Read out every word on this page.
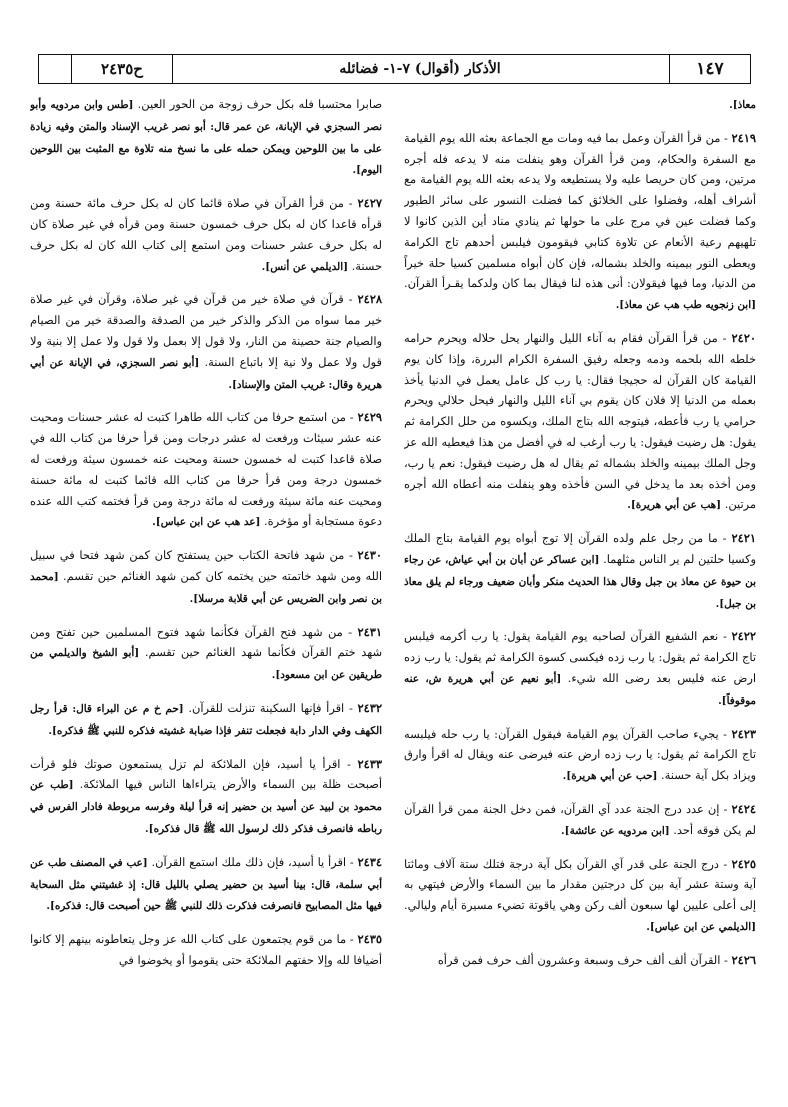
١٤٧
الأذكار (أقوال) ٧-١- فضائله
ح٢٤٣٥

معاذ].

٢٤١٩ - من قرأ القرآن وعمل بما فيه ومات مع الجماعة بعثه الله يوم القيامة مع السفرة والحكام، ومن قرأ القرآن وهو ينفلت منه لا يدعه فله أجره مرتين، ومن كان حريصا عليه ولا يستطيعه ولا يدعه بعثه الله يوم القيامة مع أشراف أهله، وفضلوا على الخلائق كما فضلت النسور على سائر الطيور وكما فضلت عين في مرج على ما حولها ثم ينادي مناد أين الذين كانوا لا تلهيهم رعية الأنعام عن تلاوة كتابي فيقومون فيلبس أحدهم تاج الكرامة ويعطى النور بيمينه والخلد بشماله، فإن كان أبواه مسلمين كسيا حلة خيراً من الدنيا، وما فيها فيقولان: أنى هذه لنا فيقال بما كان ولدكما يقـرأ القرآن. [ابن زنجويه طب هب عن معاذ].

٢٤٢٠ - من قرأ القرآن فقام به آناء الليل والنهار يحل حلاله ويحرم حرامه خلطه الله بلحمه ودمه وجعله رفيق السفرة الكرام البررة، وإذا كان يوم القيامة كان القرآن له حجيجا فقال: يا رب كل عامل يعمل في الدنيا يأخذ بعمله من الدنيا إلا فلان كان يقوم بي آناء الليل والنهار فيحل حلالي ويحرم حرامي يا رب فأعطه، فيتوجه الله بتاج الملك، ويكسوه من حلل الكرامة ثم يقول: هل رضيت فيقول: يا رب أرغب له في أفضل من هذا فيعطيه الله عز وجل الملك بيمينه والخلد بشماله ثم يقال له هل رضيت فيقول: نعم يا رب، ومن أخذه بعد ما يدخل في السن فأخذه وهو ينفلت منه أعطاه الله أجره مرتين. [هب عن أبي هريرة].

٢٤٢١ - ما من رجل علم ولده القرآن إلا توج أبواه يوم القيامة بتاج الملك وكسيا حلتين لم ير الناس مثلهما. [ابن عساكر عن أبان بن أبي عياش، عن رجاء بن حيوة عن معاذ بن جبل وقال هذا الحديث منكر وأبان ضعيف ورجاء لم يلق معاذ بن جبل].

٢٤٢٢ - نعم الشفيع القرآن لصاحبه يوم القيامة يقول: يا رب أكرمه فيلبس تاج الكرامة ثم يقول: يا رب زده فيكسى كسوة الكرامة ثم يقول: يا رب زده ارض عنه فليس بعد رضى الله شيء. [أبو نعيم عن أبي هريرة ش، عنه موقوفاً].

٢٤٢٣ - يجيء صاحب القرآن يوم القيامة فيقول القرآن: يا رب حله فيلبسه تاج الكرامة ثم يقول: يا رب زده ارض عنه فيرضى عنه ويقال له اقرأ وارق ويزاد بكل آية حسنة. [حب عن أبي هريرة].

٢٤٢٤ - إن عدد درج الجنة عدد آي القرآن، فمن دخل الجنة ممن قرأ القرآن لم يكن فوقه أحد. [ابن مردويه عن عائشة].

٢٤٢٥ - درج الجنة على قدر آي القرآن بكل آية درجة فتلك ستة آلاف ومائتا آية وستة عشر آية بين كل درجتين مقدار ما بين السماء والأرض فيتهي به إلى أعلى عليين لها سبعون ألف ركن وهي ياقوتة تضيء مسيرة أيام وليالي. [الديلمي عن ابن عباس].

٢٤٢٦ - القرآن ألف ألف حرف وسبعة وعشرون ألف حرف فمن قرأه

صابرا محتسبا فله بكل حرف زوجة من الحور العين. [طس وابن مردويه وأبو نصر السجزي في الإبانة، عن عمر قال: أبو نصر غريب الإسناد والمتن وفيه زيادة على ما بين اللوحين ويمكن حمله على ما نسخ منه تلاوة مع المثبت بين اللوحين اليوم].

٢٤٢٧ - من قرأ القرآن في صلاة قائما كان له بكل حرف مائة حسنة ومن قرأه قاعدا كان له بكل حرف خمسون حسنة ومن قرأه في غير صلاة كان له بكل حرف عشر حسنات ومن استمع إلى كتاب الله كان له بكل حرف حسنة. [الديلمي عن أنس].

٢٤٢٨ - قرآن في صلاة خير من قرآن في غير صلاة، وقرآن في غير صلاة خير مما سواه من الذكر والذكر خير من الصدقة والصدقة خير من الصيام والصيام جنة حصينة من النار، ولا قول إلا بعمل ولا قول ولا عمل إلا بنية ولا قول ولا عمل ولا نية إلا باتباع السنة. [أبو نصر السجزي، في الإبانة عن أبي هريرة وقال: غريب المتن والإسناد].

٢٤٢٩ - من استمع حرفا من كتاب الله طاهرا كتبت له عشر حسنات ومحيت عنه عشر سيئات ورفعت له عشر درجات ومن قرأ حرفا من كتاب الله في صلاة قاعدا كتبت له خمسون حسنة ومحيت عنه خمسون سيئة ورفعت له خمسون درجة ومن قرأ حرفا من كتاب الله قائما كتبت له مائة حسنة ومحيت عنه مائة سيئة ورفعت له مائة درجة ومن قرأ فختمه كتب الله عنده دعوة مستجابة أو مؤخرة. [عد هب عن ابن عباس].

٢٤٣٠ - من شهد فاتحة الكتاب حين يستفتح كان كمن شهد فتحا في سبيل الله ومن شهد خاتمته حين يختمه كان كمن شهد الغنائم حين تقسم. [محمد بن نصر وابن الضريس عن أبي قلابة مرسلا].

٢٤٣١ - من شهد فتح القرآن فكأنما شهد فتوح المسلمين حين تفتح ومن شهد ختم القرآن فكأنما شهد الغنائم حين تقسم. [أبو الشيخ والديلمي من طريقين عن ابن مسعود].

٢٤٣٢ - اقرأ فإنها السكينة تنزلت للقرآن. [حم خ م عن البراء قال: قرأ رجل الكهف وفي الدار دابة فجعلت تنفر فإذا ضبابة غشيته فذكره للنبي ﷺ فذكره].

٢٤٣٣ - اقرأ يا أسيد، فإن الملائكة لم تزل يستمعون صوتك فلو قرأت أصبحت ظلة بين السماء والأرض يتراءاها الناس فيها الملائكة. [طب عن محمود بن لبيد عن أسيد بن حضير إنه قرأ ليلة وفرسه مربوطة فادار الفرس في رباطه فانصرف فذكر ذلك لرسول الله ﷺ قال فذكره].

٢٤٣٤ - اقرأ يا أسيد، فإن ذلك ملك استمع القرآن. [عب في المصنف طب عن أبي سلمة، قال: بينا أسيد بن حضير يصلي بالليل قال: إذ غشيتني مثل السحابة فيها مثل المصابيح فانصرفت فذكرت ذلك للنبي ﷺ حين أصبحت قال: فذكره].

٢٤٣٥ - ما من قوم يجتمعون على كتاب الله عز وجل يتعاطونه بينهم إلا كانوا أضيافا لله وإلا حفتهم الملائكة حتى يقوموا أو يخوضوا في
